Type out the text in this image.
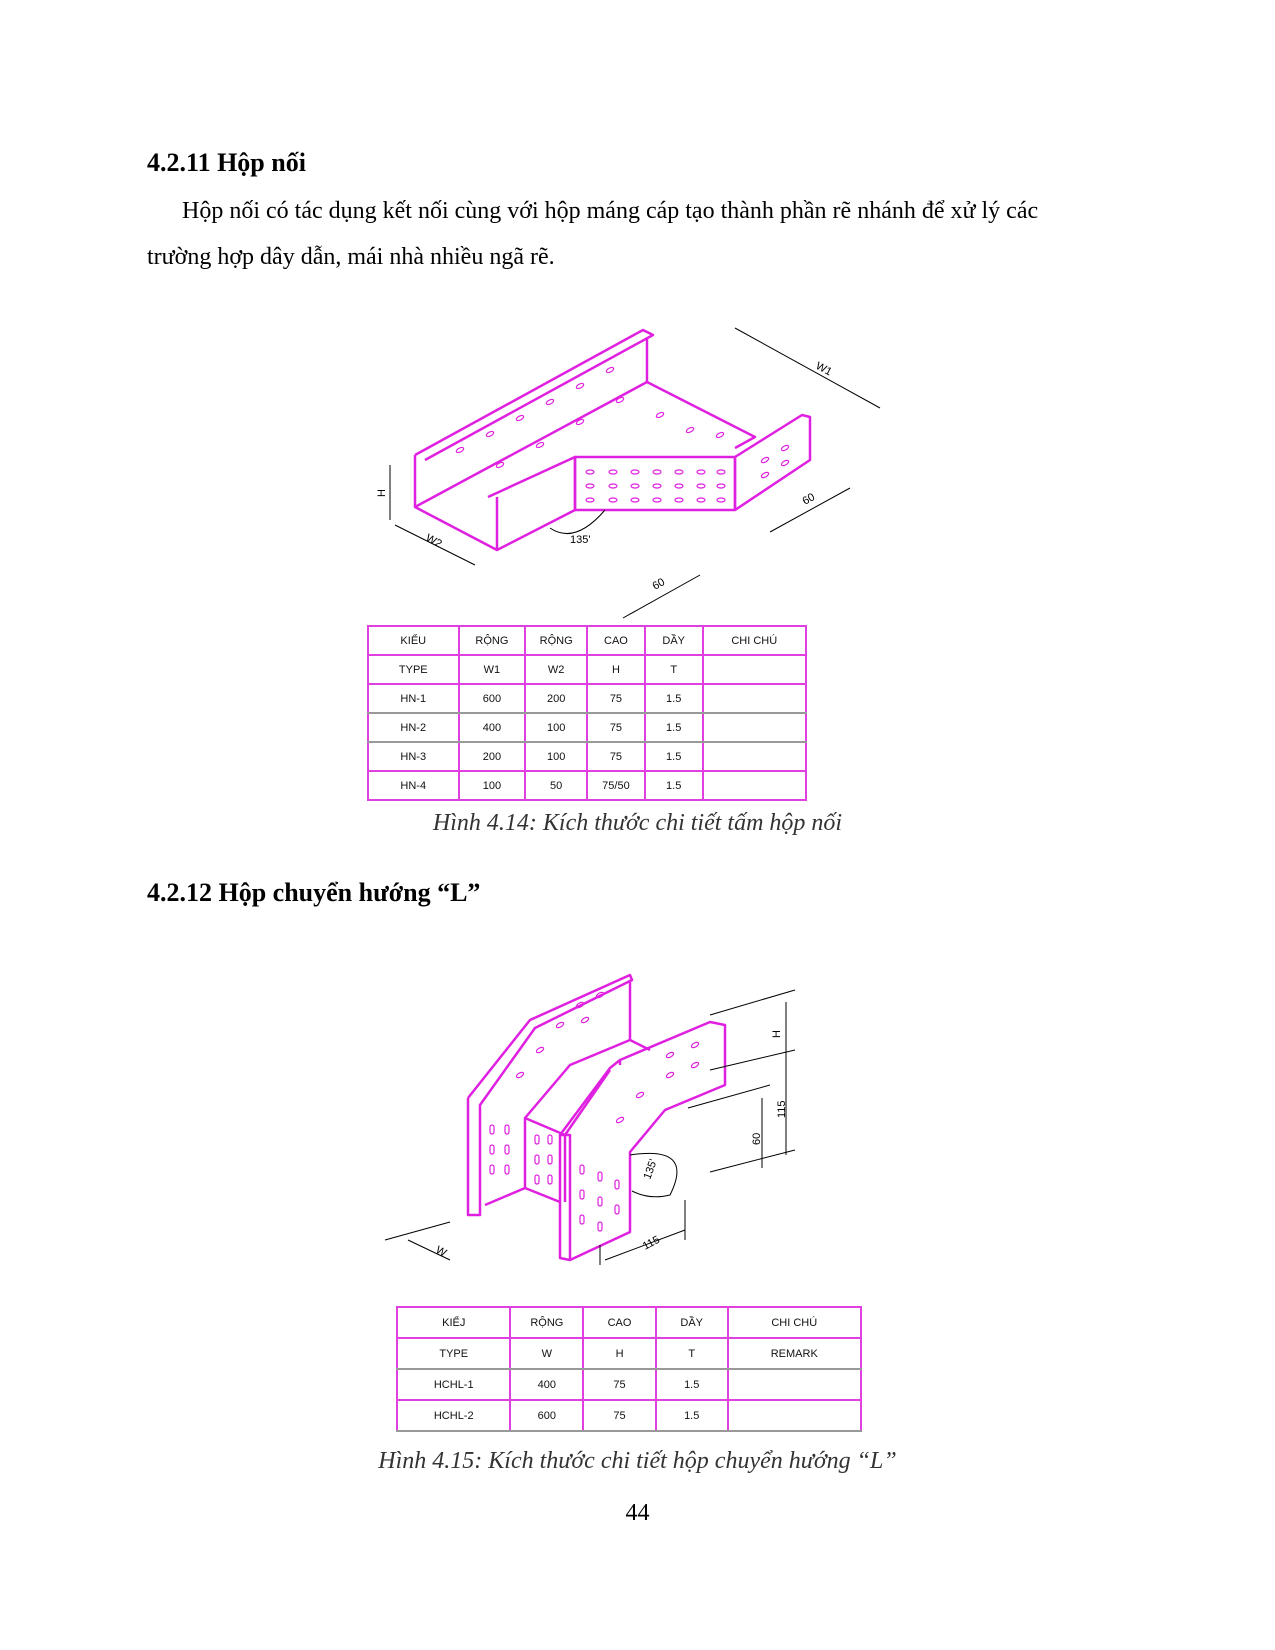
4.2.11 Hộp nối
Hộp nối có tác dụng kết nối cùng với hộp máng cáp tạo thành phần rẽ nhánh để xử lý các
trường hợp dây dẫn, mái nhà nhiều ngã rẽ.
W1
H
W2
60
60
135'
KIỂU	RỘNG	RỘNG	CAO	DẦY	CHI CHÚ
TYPE	W1	W2	H	T	
HN-1	600	200	75	1.5	
HN-2	400	100	75	1.5	
HN-3	200	100	75	1.5	
HN-4	100	50	75/50	1.5	
Hình 4.14: Kích thước chi tiết tấm hộp nối
4.2.12 Hộp chuyển hướng “L”
H
115
60
115
W
135'
KIỂJ	RỘNG	CAO	DẦY	CHI CHÚ
TYPE	W	H	T	REMARK
HCHL-1	400	75	1.5	
HCHL-2	600	75	1.5	
Hình 4.15: Kích thước chi tiết hộp chuyển hướng “L”
44
